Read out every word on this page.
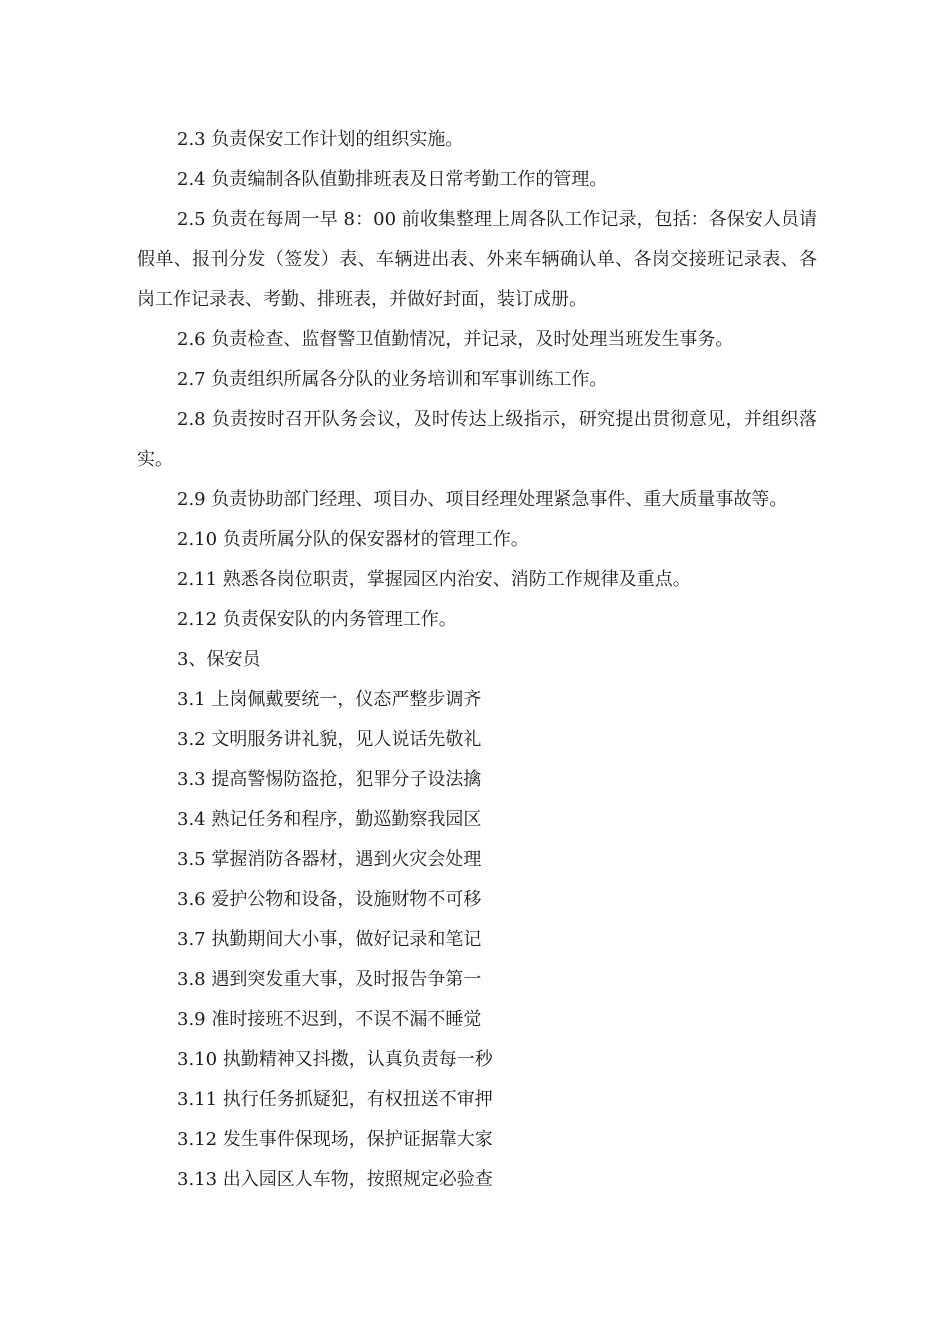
2.3 负责保安工作计划的组织实施。

2.4 负责编制各队值勤排班表及日常考勤工作的管理。

2.5 负责在每周一早 8：00 前收集整理上周各队工作记录，包括：各保安人员请假单、报刊分发（签发）表、车辆进出表、外来车辆确认单、各岗交接班记录表、各岗工作记录表、考勤、排班表，并做好封面，装订成册。

2.6 负责检查、监督警卫值勤情况，并记录，及时处理当班发生事务。

2.7 负责组织所属各分队的业务培训和军事训练工作。

2.8 负责按时召开队务会议，及时传达上级指示，研究提出贯彻意见，并组织落实。

2.9 负责协助部门经理、项目办、项目经理处理紧急事件、重大质量事故等。

2.10 负责所属分队的保安器材的管理工作。

2.11 熟悉各岗位职责，掌握园区内治安、消防工作规律及重点。

2.12 负责保安队的内务管理工作。

3、保安员

3.1 上岗佩戴要统一，仪态严整步调齐

3.2 文明服务讲礼貌，见人说话先敬礼

3.3 提高警惕防盗抢，犯罪分子设法擒

3.4 熟记任务和程序，勤巡勤察我园区

3.5 掌握消防各器材，遇到火灾会处理

3.6 爱护公物和设备，设施财物不可移

3.7 执勤期间大小事，做好记录和笔记

3.8 遇到突发重大事，及时报告争第一

3.9 准时接班不迟到，不误不漏不睡觉

3.10 执勤精神又抖擞，认真负责每一秒

3.11 执行任务抓疑犯，有权扭送不审押

3.12 发生事件保现场，保护证据靠大家

3.13 出入园区人车物，按照规定必验查
